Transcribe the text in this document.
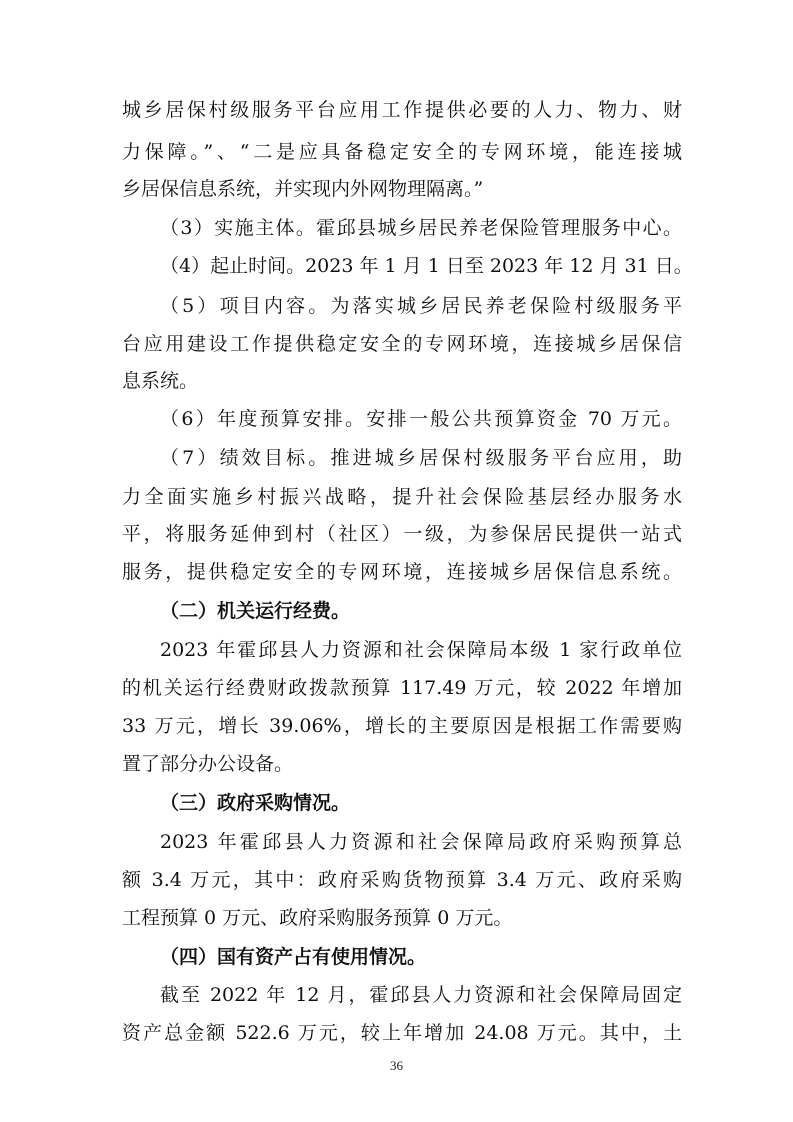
城乡居保村级服务平台应用工作提供必要的人力、物力、财
力保障。”、“二是应具备稳定安全的专网环境，能连接城
乡居保信息系统，并实现内外网物理隔离。”
（3）实施主体。霍邱县城乡居民养老保险管理服务中心。
（4）起止时间。2023 年 1 月 1 日至 2023 年 12 月 31 日。
（5）项目内容。为落实城乡居民养老保险村级服务平
台应用建设工作提供稳定安全的专网环境，连接城乡居保信
息系统。
（6）年度预算安排。安排一般公共预算资金 70 万元。
（7）绩效目标。推进城乡居保村级服务平台应用，助
力全面实施乡村振兴战略，提升社会保险基层经办服务水
平，将服务延伸到村（社区）一级，为参保居民提供一站式
服务，提供稳定安全的专网环境，连接城乡居保信息系统。
（二）机关运行经费。
2023 年霍邱县人力资源和社会保障局本级 1 家行政单位
的机关运行经费财政拨款预算 117.49 万元，较 2022 年增加
33 万元，增长 39.06%，增长的主要原因是根据工作需要购
置了部分办公设备。
（三）政府采购情况。
2023 年霍邱县人力资源和社会保障局政府采购预算总
额 3.4 万元，其中：政府采购货物预算 3.4 万元、政府采购
工程预算 0 万元、政府采购服务预算 0 万元。
（四）国有资产占有使用情况。
截至 2022 年 12 月，霍邱县人力资源和社会保障局固定
资产总金额 522.6 万元，较上年增加 24.08 万元。其中，土
36
